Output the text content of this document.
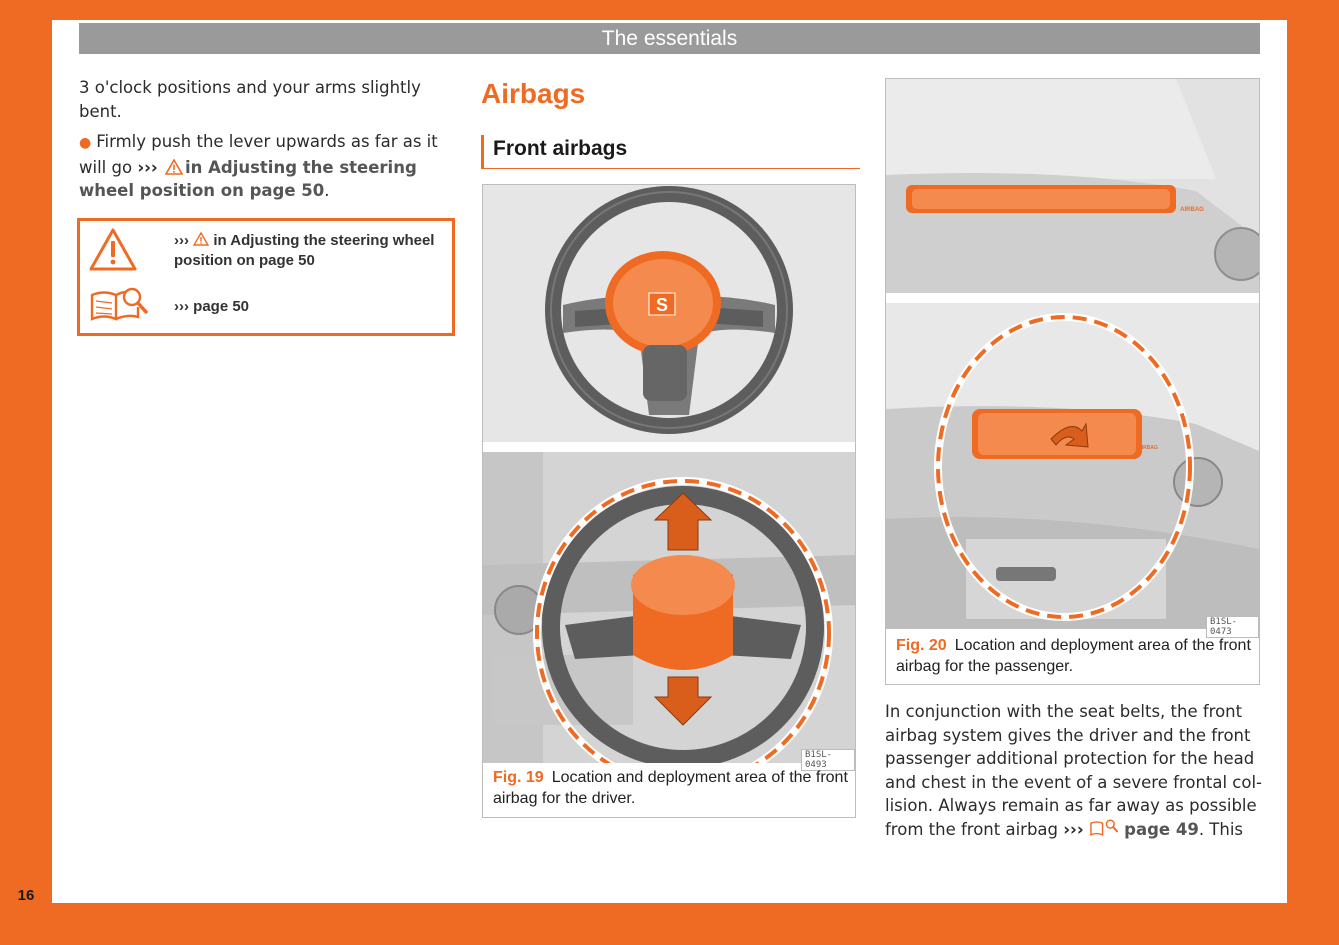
The essentials

3 o'clock positions and your arms slightly bent.

● Firmly push the lever upwards as far as it will go ››› in Adjusting the steering wheel position on page 50.

››› in Adjusting the steering wheel position on page 50
››› page 50
Airbags
Front airbags
S
B1SL-0493
Fig. 19 Location and deployment area of the front airbag for the driver.
AIRBAG
AIRBAG
B1SL-0473
Fig. 20 Location and deployment area of the front airbag for the passenger.

In conjunction with the seat belts, the front airbag system gives the driver and the front passenger additional protection for the head and chest in the event of a severe frontal col-lision. Always remain as far away as possible from the front airbag ››› page 49. This

16
